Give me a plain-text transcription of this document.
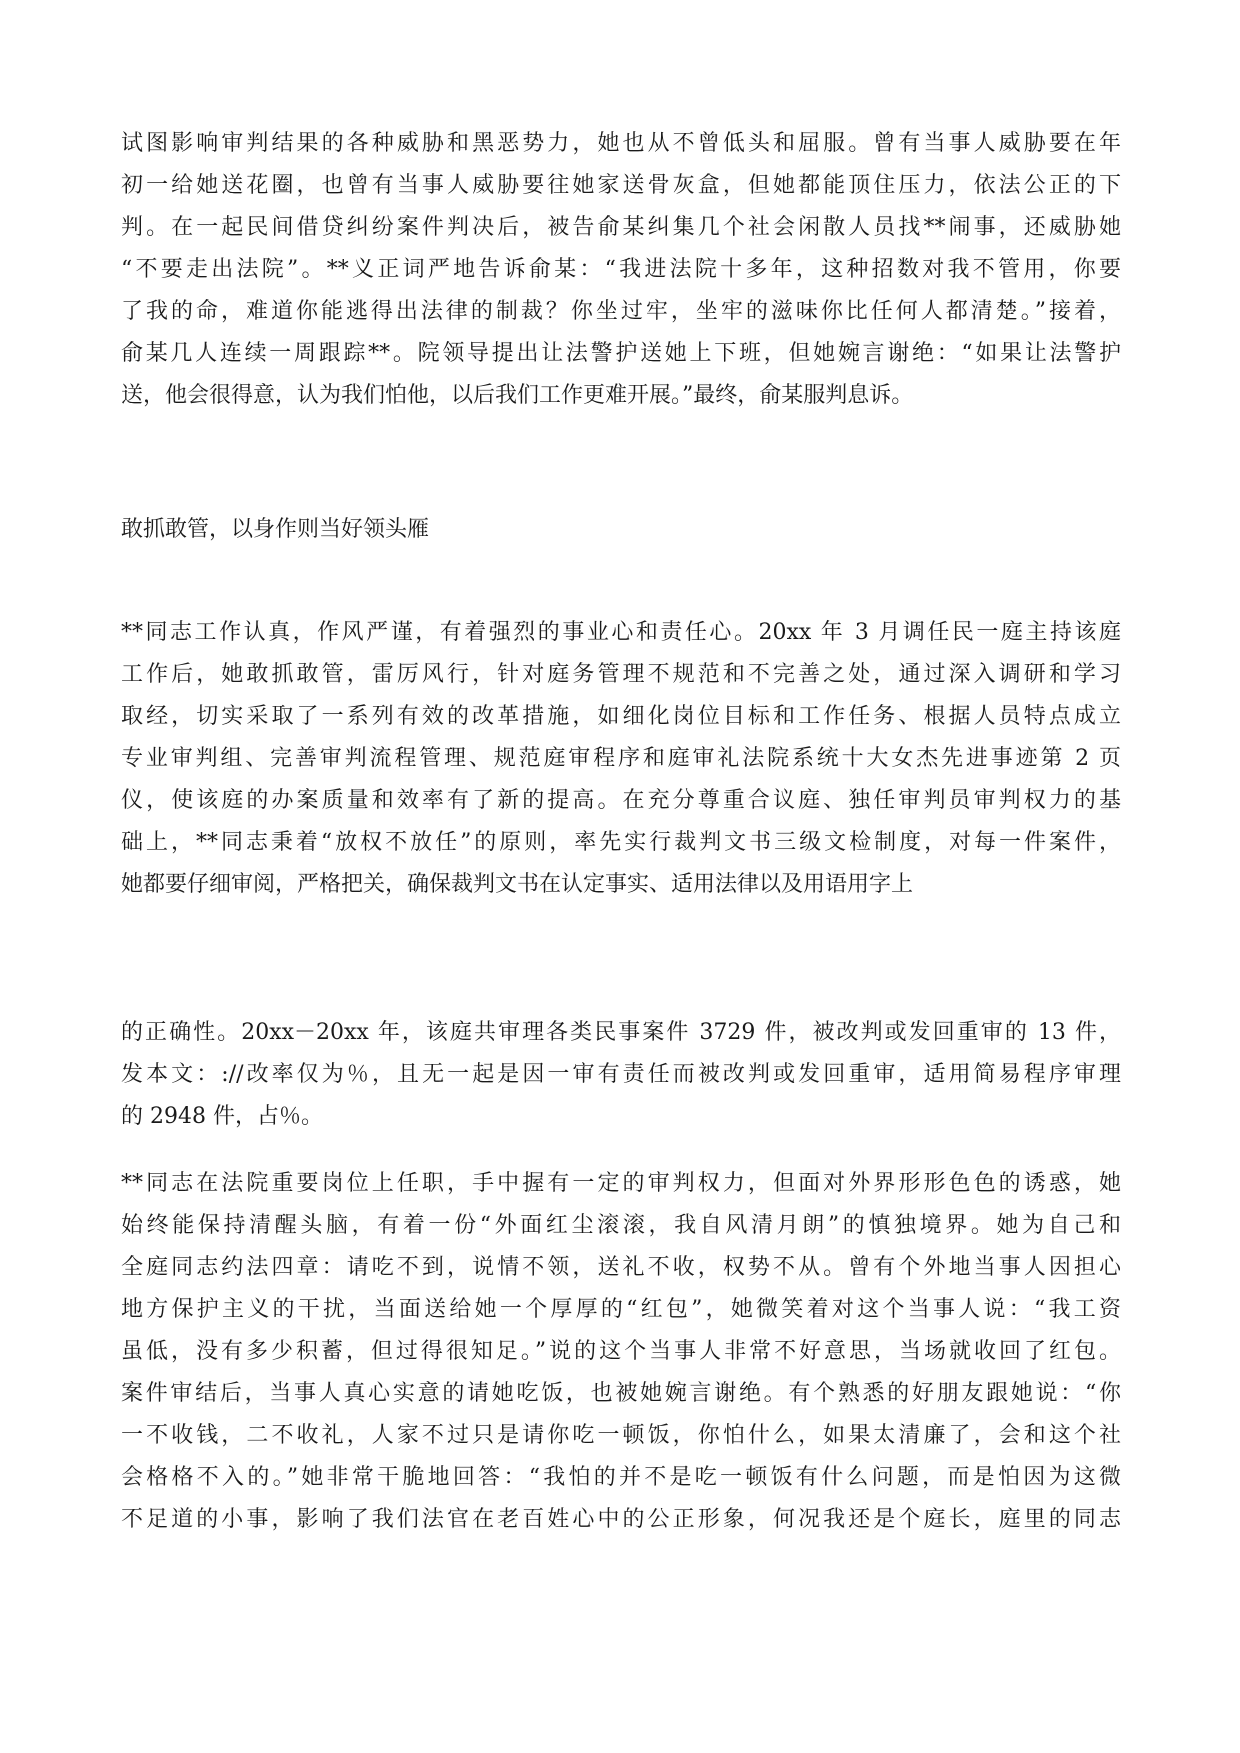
试图影响审判结果的各种威胁和黑恶势力，她也从不曾低头和屈服。曾有当事人威胁要在年
初一给她送花圈，也曾有当事人威胁要往她家送骨灰盒，但她都能顶住压力，依法公正的下
判。在一起民间借贷纠纷案件判决后，被告俞某纠集几个社会闲散人员找**闹事，还威胁她
“不要走出法院”。**义正词严地告诉俞某：“我进法院十多年，这种招数对我不管用，你要
了我的命，难道你能逃得出法律的制裁？你坐过牢，坐牢的滋味你比任何人都清楚。”接着，
俞某几人连续一周跟踪**。院领导提出让法警护送她上下班，但她婉言谢绝：“如果让法警护
送，他会很得意，认为我们怕他，以后我们工作更难开展。”最终，俞某服判息诉。
敢抓敢管，以身作则当好领头雁
**同志工作认真，作风严谨，有着强烈的事业心和责任心。20xx 年 3 月调任民一庭主持该庭
工作后，她敢抓敢管，雷厉风行，针对庭务管理不规范和不完善之处，通过深入调研和学习
取经，切实采取了一系列有效的改革措施，如细化岗位目标和工作任务、根据人员特点成立
专业审判组、完善审判流程管理、规范庭审程序和庭审礼法院系统十大女杰先进事迹第 2 页
仪，使该庭的办案质量和效率有了新的提高。在充分尊重合议庭、独任审判员审判权力的基
础上，**同志秉着“放权不放任”的原则，率先实行裁判文书三级文检制度，对每一件案件，
她都要仔细审阅，严格把关，确保裁判文书在认定事实、适用法律以及用语用字上
的正确性。20xx－20xx 年，该庭共审理各类民事案件 3729 件，被改判或发回重审的 13 件，
发本文：://改率仅为％，且无一起是因一审有责任而被改判或发回重审，适用简易程序审理
的 2948 件，占％。
**同志在法院重要岗位上任职，手中握有一定的审判权力，但面对外界形形色色的诱惑，她
始终能保持清醒头脑，有着一份“外面红尘滚滚，我自风清月朗”的慎独境界。她为自己和
全庭同志约法四章：请吃不到，说情不领，送礼不收，权势不从。曾有个外地当事人因担心
地方保护主义的干扰，当面送给她一个厚厚的“红包”，她微笑着对这个当事人说：“我工资
虽低，没有多少积蓄，但过得很知足。”说的这个当事人非常不好意思，当场就收回了红包。
案件审结后，当事人真心实意的请她吃饭，也被她婉言谢绝。有个熟悉的好朋友跟她说：“你
一不收钱，二不收礼，人家不过只是请你吃一顿饭，你怕什么，如果太清廉了，会和这个社
会格格不入的。”她非常干脆地回答：“我怕的并不是吃一顿饭有什么问题，而是怕因为这微
不足道的小事，影响了我们法官在老百姓心中的公正形象，何况我还是个庭长，庭里的同志
